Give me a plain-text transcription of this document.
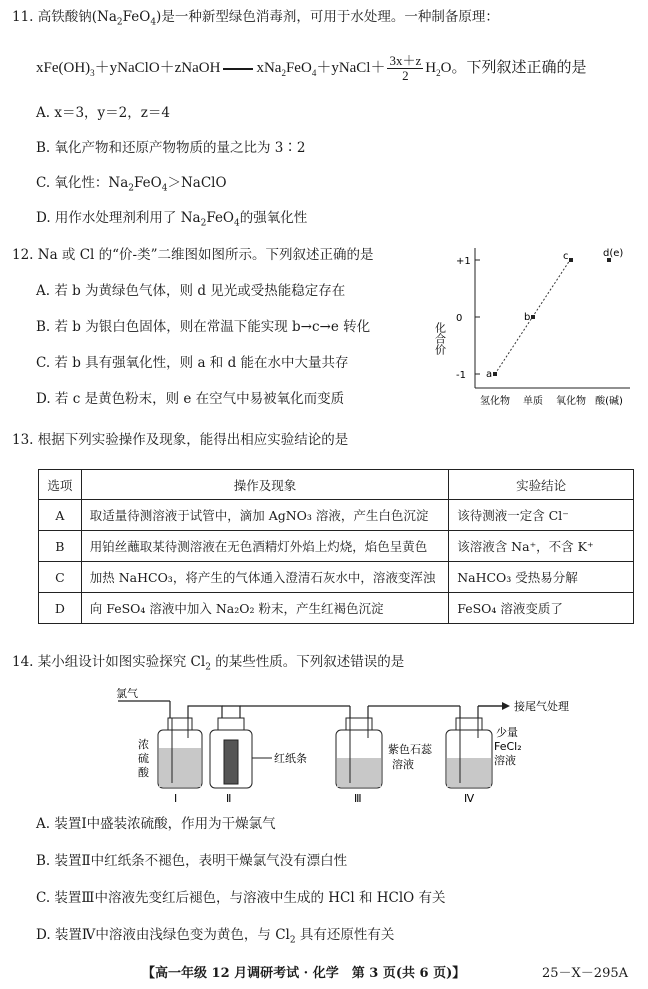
11. 高铁酸钠$(Na_2FeO_4)$是一种新型绿色消毒剂，可用于水处理。一种制备原理：
$xFe(OH)_3+yNaClO+zNaOH$ xNa$_2$FeO$_4$＋yNaCl＋ $\frac{3x+z}{2} H_2O$。下列叙述正确的是
A. x＝3，y＝2，z＝4
B. 氧化产物和还原产物物质的量之比为 3∶2
C. 氧化性：$Na_2FeO_4>NaClO$
D. 用作水处理剂利用了 $Na_2FeO_4$的强氧化性
12. Na 或 Cl 的“价-类”二维图如图所示。下列叙述正确的是
A. 若 b 为黄绿色气体，则 d 见光或受热能稳定存在
B. 若 b 为银白色固体，则在常温下能实现 b→c→e 转化
C. 若 b 具有强氧化性，则 a 和 d 能在水中大量共存
D. 若 c 是黄色粉末，则 e 在空气中易被氧化而变质
化合价
+1
0
-1
氢化物 单质 氧化物 酸(碱)
a
b
c	d(e)
13. 根据下列实验操作及现象，能得出相应实验结论的是
选项	操作及现象	实验结论
A	取适量待测溶液于试管中，滴加 AgNO₃ 溶液，产生白色沉淀	该待测液一定含 Cl⁻
B	用铂丝蘸取某待测溶液在无色酒精灯外焰上灼烧，焰色呈黄色	该溶液含 Na⁺，不含 K⁺
C	加热 NaHCO₃，将产生的气体通入澄清石灰水中，溶液变浑浊	NaHCO₃ 受热易分解
D	向 FeSO₄ 溶液中加入 Na₂O₂ 粉末，产生红褐色沉淀	FeSO₄ 溶液变质了
14. 某小组设计如图实验探究 $Cl_2$ 的某些性质。下列叙述错误的是
氯气
接尾气处理
浓
硫
酸
红纸条
紫色石蕊
溶液
少量
FeCl₂
溶液
Ⅰ	Ⅱ	Ⅲ	Ⅳ
A. 装置Ⅰ中盛装浓硫酸，作用为干燥氯气
B. 装置Ⅱ中红纸条不褪色，表明干燥氯气没有漂白性
C. 装置Ⅲ中溶液先变红后褪色，与溶液中生成的 HCl 和 HClO 有关
D. 装置Ⅳ中溶液由浅绿色变为黄色，与 $Cl_2$ 具有还原性有关
【高一年级 12 月调研考试 · 化学　第 3 页(共 6 页)】	25－X－295A
